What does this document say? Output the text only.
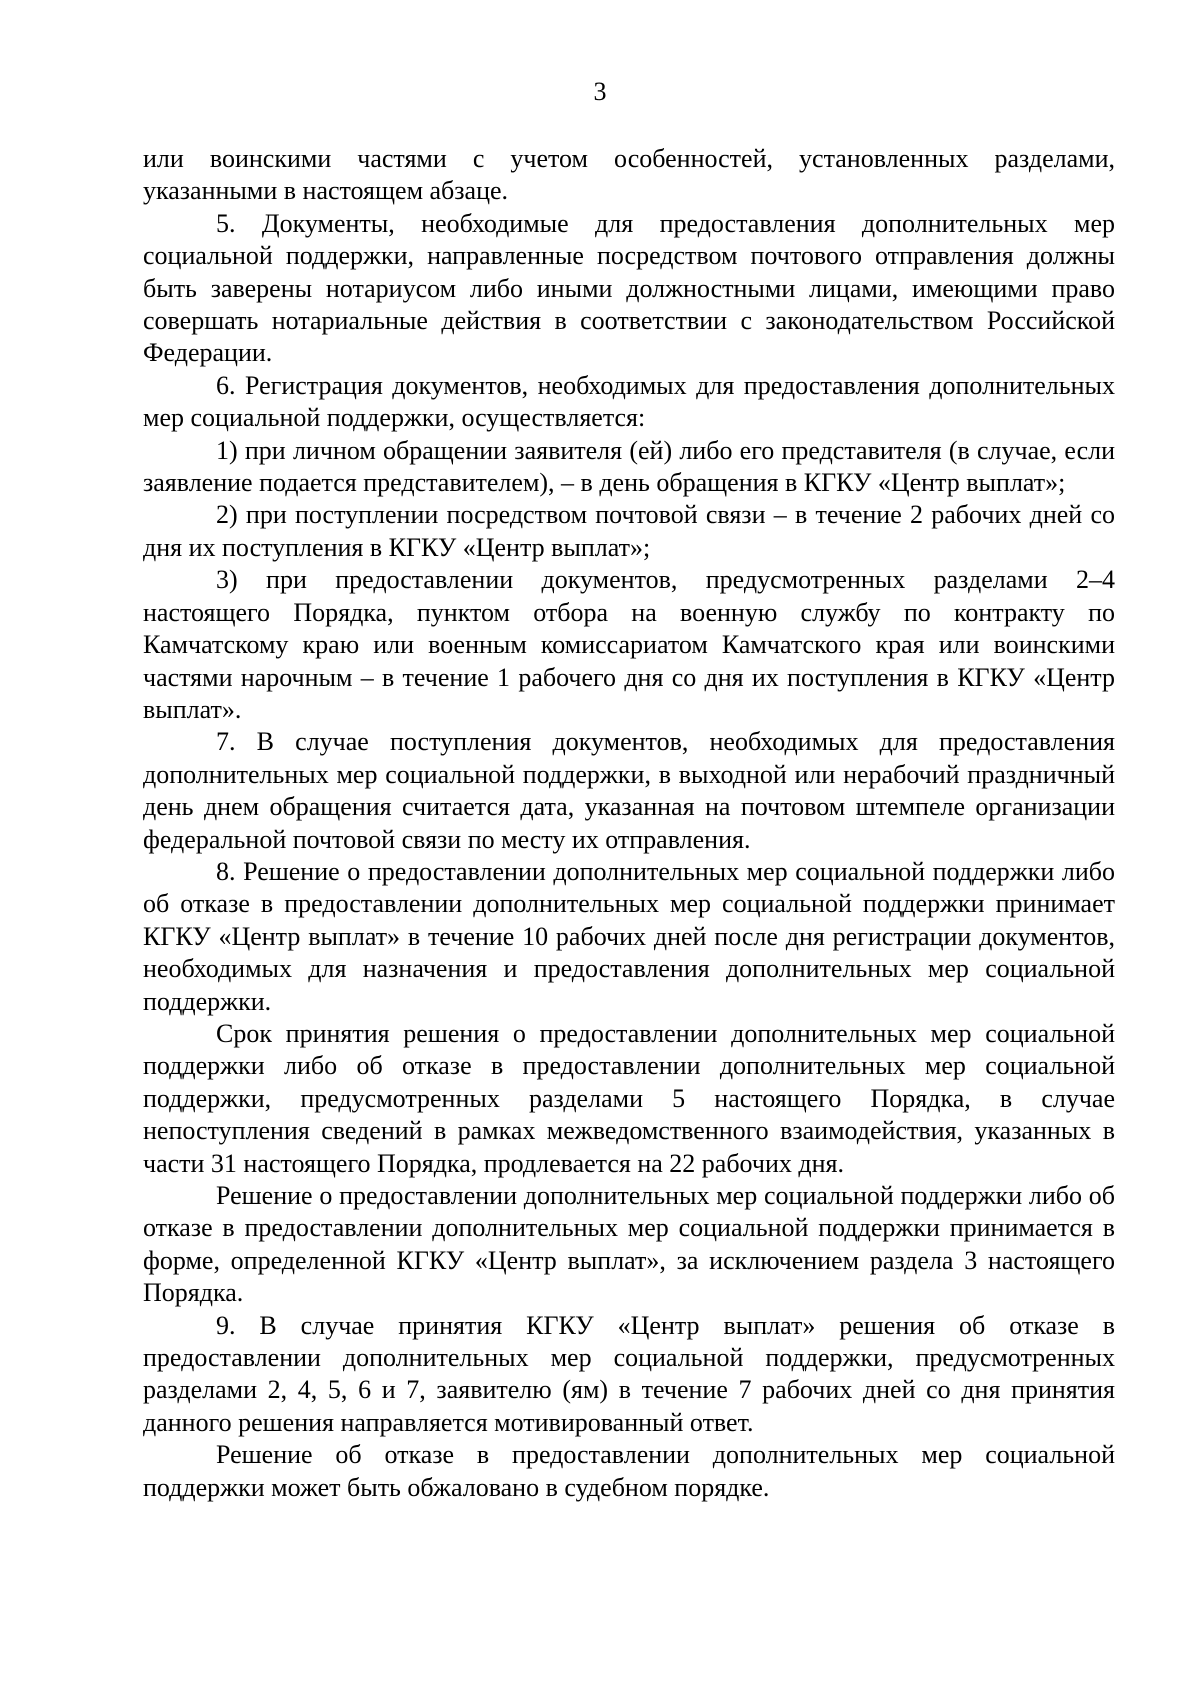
3

или воинскими частями с учетом особенностей, установленных разделами, указанными в настоящем абзаце.

5. Документы, необходимые для предоставления дополнительных мер социальной поддержки, направленные посредством почтового отправления должны быть заверены нотариусом либо иными должностными лицами, имеющими право совершать нотариальные действия в соответствии с законодательством Российской Федерации.

6. Регистрация документов, необходимых для предоставления дополнительных мер социальной поддержки, осуществляется:

1) при личном обращении заявителя (ей) либо его представителя (в случае, если заявление подается представителем), – в день обращения в КГКУ «Центр выплат»;

2) при поступлении посредством почтовой связи – в течение 2 рабочих дней со дня их поступления в КГКУ «Центр выплат»;

3) при предоставлении документов, предусмотренных разделами 2–4 настоящего Порядка, пунктом отбора на военную службу по контракту по Камчатскому краю или военным комиссариатом Камчатского края или воинскими частями нарочным – в течение 1 рабочего дня со дня их поступления в КГКУ «Центр выплат».

7. В случае поступления документов, необходимых для предоставления дополнительных мер социальной поддержки, в выходной или нерабочий праздничный день днем обращения считается дата, указанная на почтовом штемпеле организации федеральной почтовой связи по месту их отправления.

8. Решение о предоставлении дополнительных мер социальной поддержки либо об отказе в предоставлении дополнительных мер социальной поддержки принимает КГКУ «Центр выплат» в течение 10 рабочих дней после дня регистрации документов, необходимых для назначения и предоставления дополнительных мер социальной поддержки.

Срок принятия решения о предоставлении дополнительных мер социальной поддержки либо об отказе в предоставлении дополнительных мер социальной поддержки, предусмотренных разделами 5 настоящего Порядка, в случае непоступления сведений в рамках межведомственного взаимодействия, указанных в части 31 настоящего Порядка, продлевается на 22 рабочих дня.

Решение о предоставлении дополнительных мер социальной поддержки либо об отказе в предоставлении дополнительных мер социальной поддержки принимается в форме, определенной КГКУ «Центр выплат», за исключением раздела 3 настоящего Порядка.

9. В случае принятия КГКУ «Центр выплат» решения об отказе в предоставлении дополнительных мер социальной поддержки, предусмотренных разделами 2, 4, 5, 6 и 7, заявителю (ям) в течение 7 рабочих дней со дня принятия данного решения направляется мотивированный ответ.

Решение об отказе в предоставлении дополнительных мер социальной поддержки может быть обжаловано в судебном порядке.
